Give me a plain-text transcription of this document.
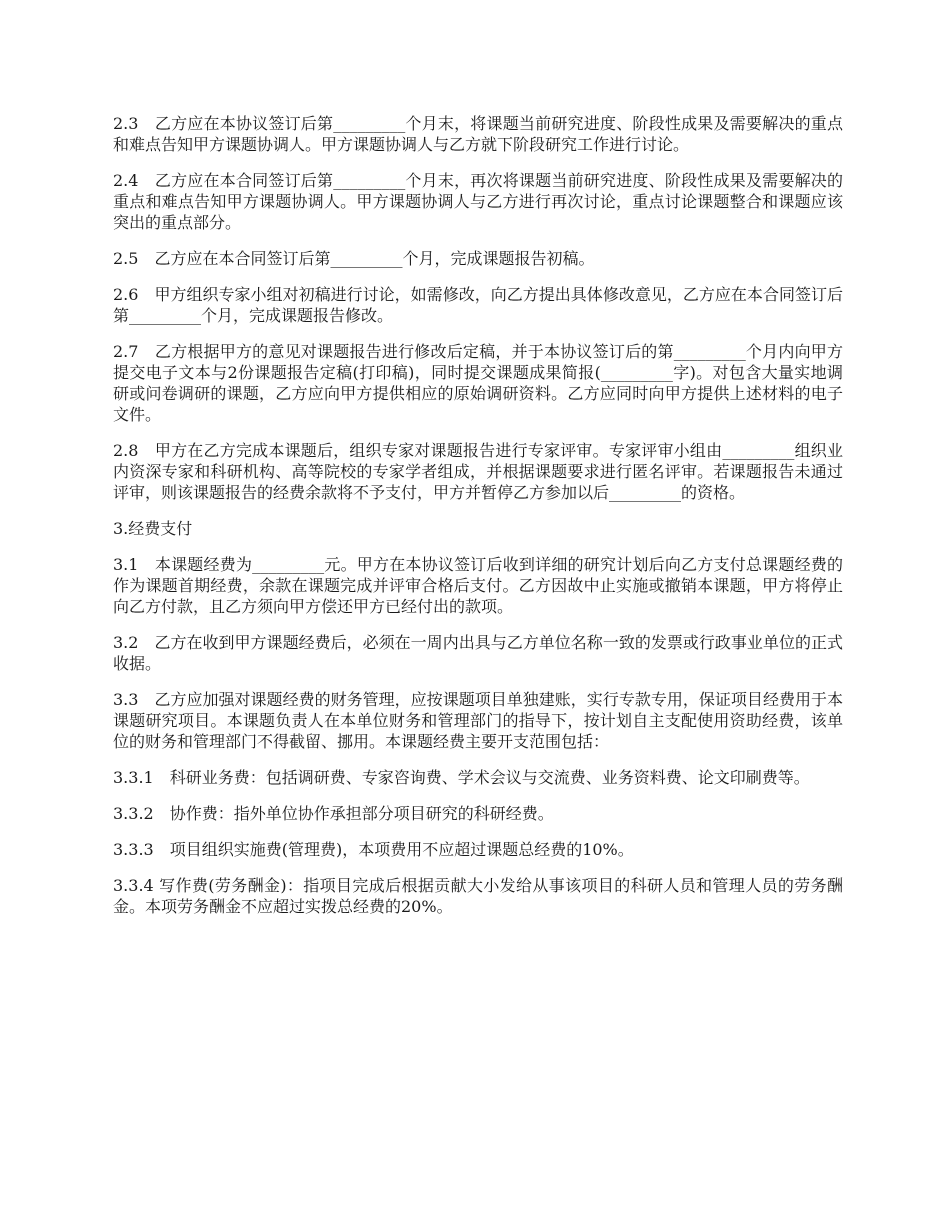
2.3　乙方应在本协议签订后第_________个月末，将课题当前研究进度、阶段性成果及需要解决的重点和难点告知甲方课题协调人。甲方课题协调人与乙方就下阶段研究工作进行讨论。

2.4　乙方应在本合同签订后第_________个月末，再次将课题当前研究进度、阶段性成果及需要解决的重点和难点告知甲方课题协调人。甲方课题协调人与乙方进行再次讨论，重点讨论课题整合和课题应该突出的重点部分。

2.5　乙方应在本合同签订后第_________个月，完成课题报告初稿。

2.6　甲方组织专家小组对初稿进行讨论，如需修改，向乙方提出具体修改意见，乙方应在本合同签订后第_________个月，完成课题报告修改。

2.7　乙方根据甲方的意见对课题报告进行修改后定稿，并于本协议签订后的第_________个月内向甲方提交电子文本与2份课题报告定稿(打印稿)，同时提交课题成果简报(_________字)。对包含大量实地调研或问卷调研的课题，乙方应向甲方提供相应的原始调研资料。乙方应同时向甲方提供上述材料的电子文件。

2.8　甲方在乙方完成本课题后，组织专家对课题报告进行专家评审。专家评审小组由_________组织业内资深专家和科研机构、高等院校的专家学者组成，并根据课题要求进行匿名评审。若课题报告未通过评审，则该课题报告的经费余款将不予支付，甲方并暂停乙方参加以后_________的资格。

3.经费支付

3.1　本课题经费为_________元。甲方在本协议签订后收到详细的研究计划后向乙方支付总课题经费的作为课题首期经费，余款在课题完成并评审合格后支付。乙方因故中止实施或撤销本课题，甲方将停止向乙方付款，且乙方须向甲方偿还甲方已经付出的款项。

3.2　乙方在收到甲方课题经费后，必须在一周内出具与乙方单位名称一致的发票或行政事业单位的正式收据。

3.3　乙方应加强对课题经费的财务管理，应按课题项目单独建账，实行专款专用，保证项目经费用于本课题研究项目。本课题负责人在本单位财务和管理部门的指导下，按计划自主支配使用资助经费，该单位的财务和管理部门不得截留、挪用。本课题经费主要开支范围包括：

3.3.1　科研业务费：包括调研费、专家咨询费、学术会议与交流费、业务资料费、论文印刷费等。

3.3.2　协作费：指外单位协作承担部分项目研究的科研经费。

3.3.3　项目组织实施费(管理费)，本项费用不应超过课题总经费的10%。

3.3.4 写作费(劳务酬金)：指项目完成后根据贡献大小发给从事该项目的科研人员和管理人员的劳务酬金。本项劳务酬金不应超过实拨总经费的20%。
